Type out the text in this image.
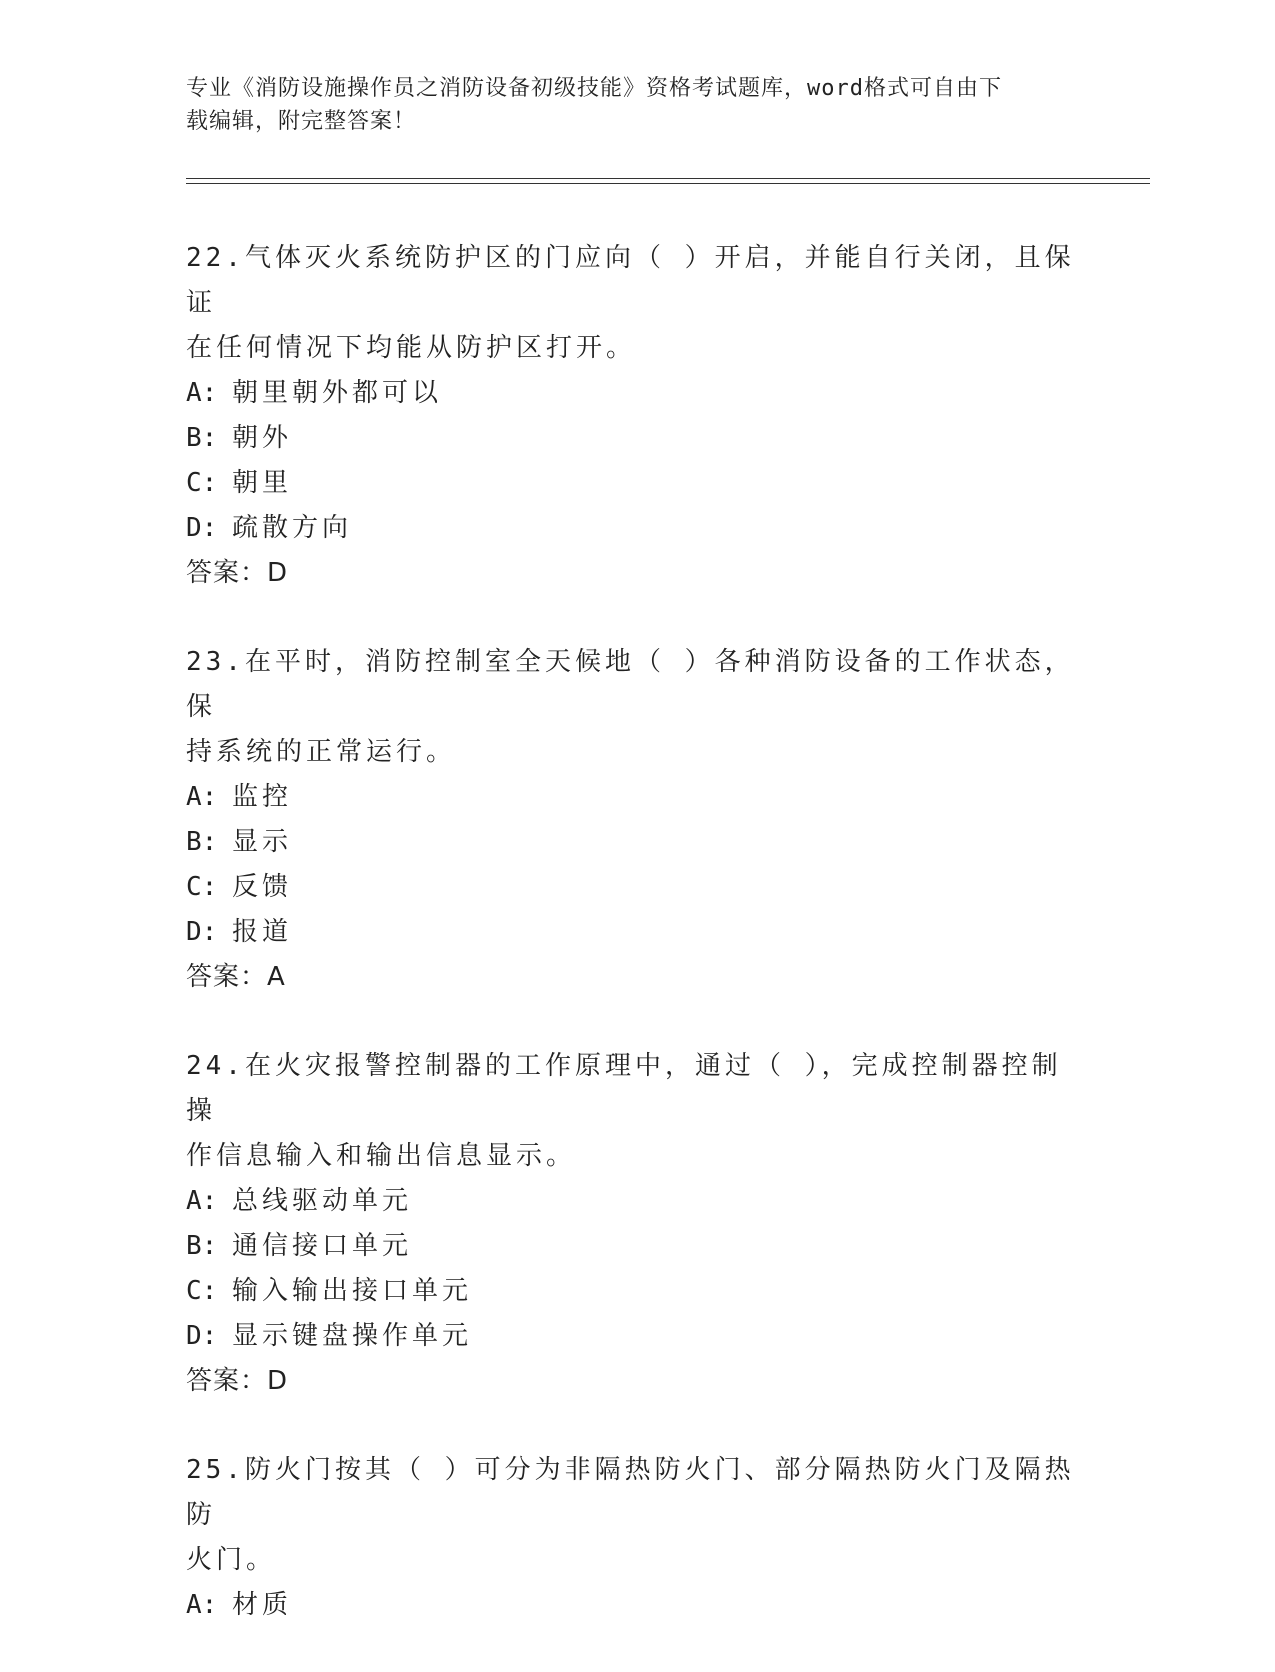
专业《消防设施操作员之消防设备初级技能》资格考试题库，word格式可自由下
载编辑，附完整答案！
22.气体灭火系统防护区的门应向（ ）开启，并能自行关闭，且保证
在任何情况下均能从防护区打开。
A: 朝里朝外都可以
B: 朝外
C: 朝里
D: 疏散方向
答案：D
23.在平时，消防控制室全天候地（ ）各种消防设备的工作状态，保
持系统的正常运行。
A: 监控
B: 显示
C: 反馈
D: 报道
答案：A
24.在火灾报警控制器的工作原理中，通过（ ），完成控制器控制操
作信息输入和输出信息显示。
A: 总线驱动单元
B: 通信接口单元
C: 输入输出接口单元
D: 显示键盘操作单元
答案：D
25.防火门按其（ ）可分为非隔热防火门、部分隔热防火门及隔热防
火门。
A: 材质
